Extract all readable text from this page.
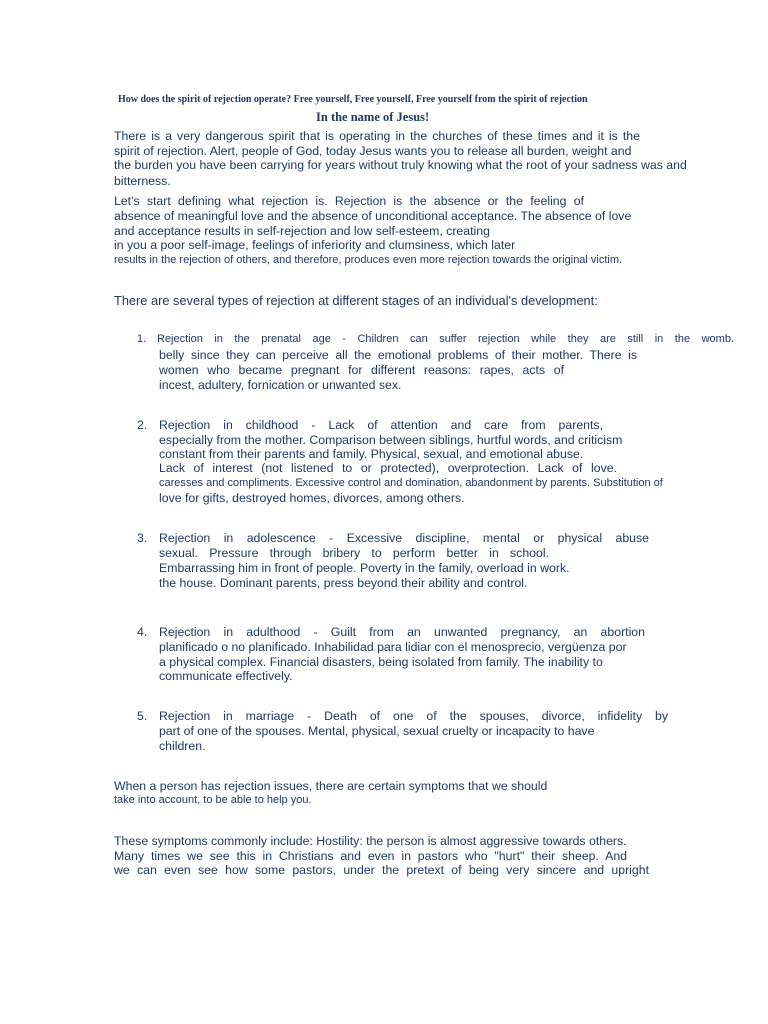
How does the spirit of rejection operate? Free yourself, Free yourself, Free yourself from the spirit of rejection
In the name of Jesus!
There is a very dangerous spirit that is operating in the churches of these times and it is the
spirit of rejection. Alert, people of God, today Jesus wants you to release all burden, weight and
the burden you have been carrying for years without truly knowing what the root of your sadness was and
bitterness.
Let's start defining what rejection is. Rejection is the absence or the feeling of
absence of meaningful love and the absence of unconditional acceptance. The absence of love
and acceptance results in self-rejection and low self-esteem, creating
in you a poor self-image, feelings of inferiority and clumsiness, which later
results in the rejection of others, and therefore, produces even more rejection towards the original victim.
There are several types of rejection at different stages of an individual's development:
1. Rejection in the prenatal age - Children can suffer rejection while they are still in the womb.
belly since they can perceive all the emotional problems of their mother. There is
women who became pregnant for different reasons: rapes, acts of
incest, adultery, fornication or unwanted sex.
2. Rejection in childhood - Lack of attention and care from parents,
especially from the mother. Comparison between siblings, hurtful words, and criticism
constant from their parents and family. Physical, sexual, and emotional abuse.
Lack of interest (not listened to or protected), overprotection. Lack of love.
caresses and compliments. Excessive control and domination, abandonment by parents. Substitution of
love for gifts, destroyed homes, divorces, among others.
3. Rejection in adolescence - Excessive discipline, mental or physical abuse
sexual. Pressure through bribery to perform better in school.
Embarrassing him in front of people. Poverty in the family, overload in work.
the house. Dominant parents, press beyond their ability and control.
4. Rejection in adulthood - Guilt from an unwanted pregnancy, an abortion
planificado o no planificado. Inhabilidad para lidiar con el menosprecio, vergüenza por
a physical complex. Financial disasters, being isolated from family. The inability to
communicate effectively.
5. Rejection in marriage - Death of one of the spouses, divorce, infidelity by
part of one of the spouses. Mental, physical, sexual cruelty or incapacity to have
children.
When a person has rejection issues, there are certain symptoms that we should
take into account, to be able to help you.
These symptoms commonly include: Hostility: the person is almost aggressive towards others.
Many times we see this in Christians and even in pastors who "hurt" their sheep. And
we can even see how some pastors, under the pretext of being very sincere and upright
